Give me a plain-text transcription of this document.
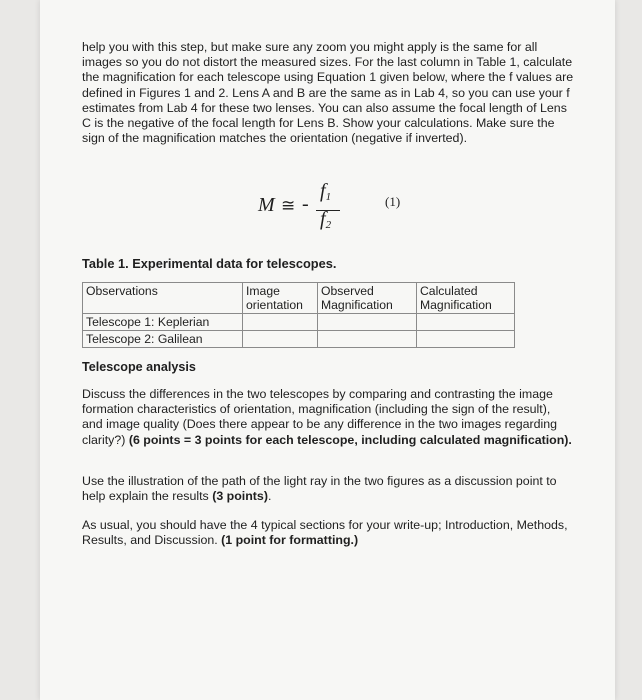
help you with this step, but make sure any zoom you might apply is the same for all images so you do not distort the measured sizes. For the last column in Table 1, calculate the magnification for each telescope using Equation 1 given below, where the f values are defined in Figures 1 and 2. Lens A and B are the same as in Lab 4, so you can use your f estimates from Lab 4 for these two lenses. You can also assume the focal length of Lens C is the negative of the focal length for Lens B. Show your calculations. Make sure the sign of the magnification matches the orientation (negative if inverted).

M ≅ -
$f_1$
$f_2$
(1)
Table 1. Experimental data for telescopes.
Observations	Image orientation	Observed Magnification	Calculated Magnification
Telescope 1: Keplerian			
Telescope 2: Galilean			
Telescope analysis

Discuss the differences in the two telescopes by comparing and contrasting the image formation characteristics of orientation, magnification (including the sign of the result), and image quality (Does there appear to be any difference in the two images regarding clarity?) (6 points = 3 points for each telescope, including calculated magnification).

Use the illustration of the path of the light ray in the two figures as a discussion point to help explain the results (3 points).

As usual, you should have the 4 typical sections for your write-up; Introduction, Methods, Results, and Discussion. (1 point for formatting.)
